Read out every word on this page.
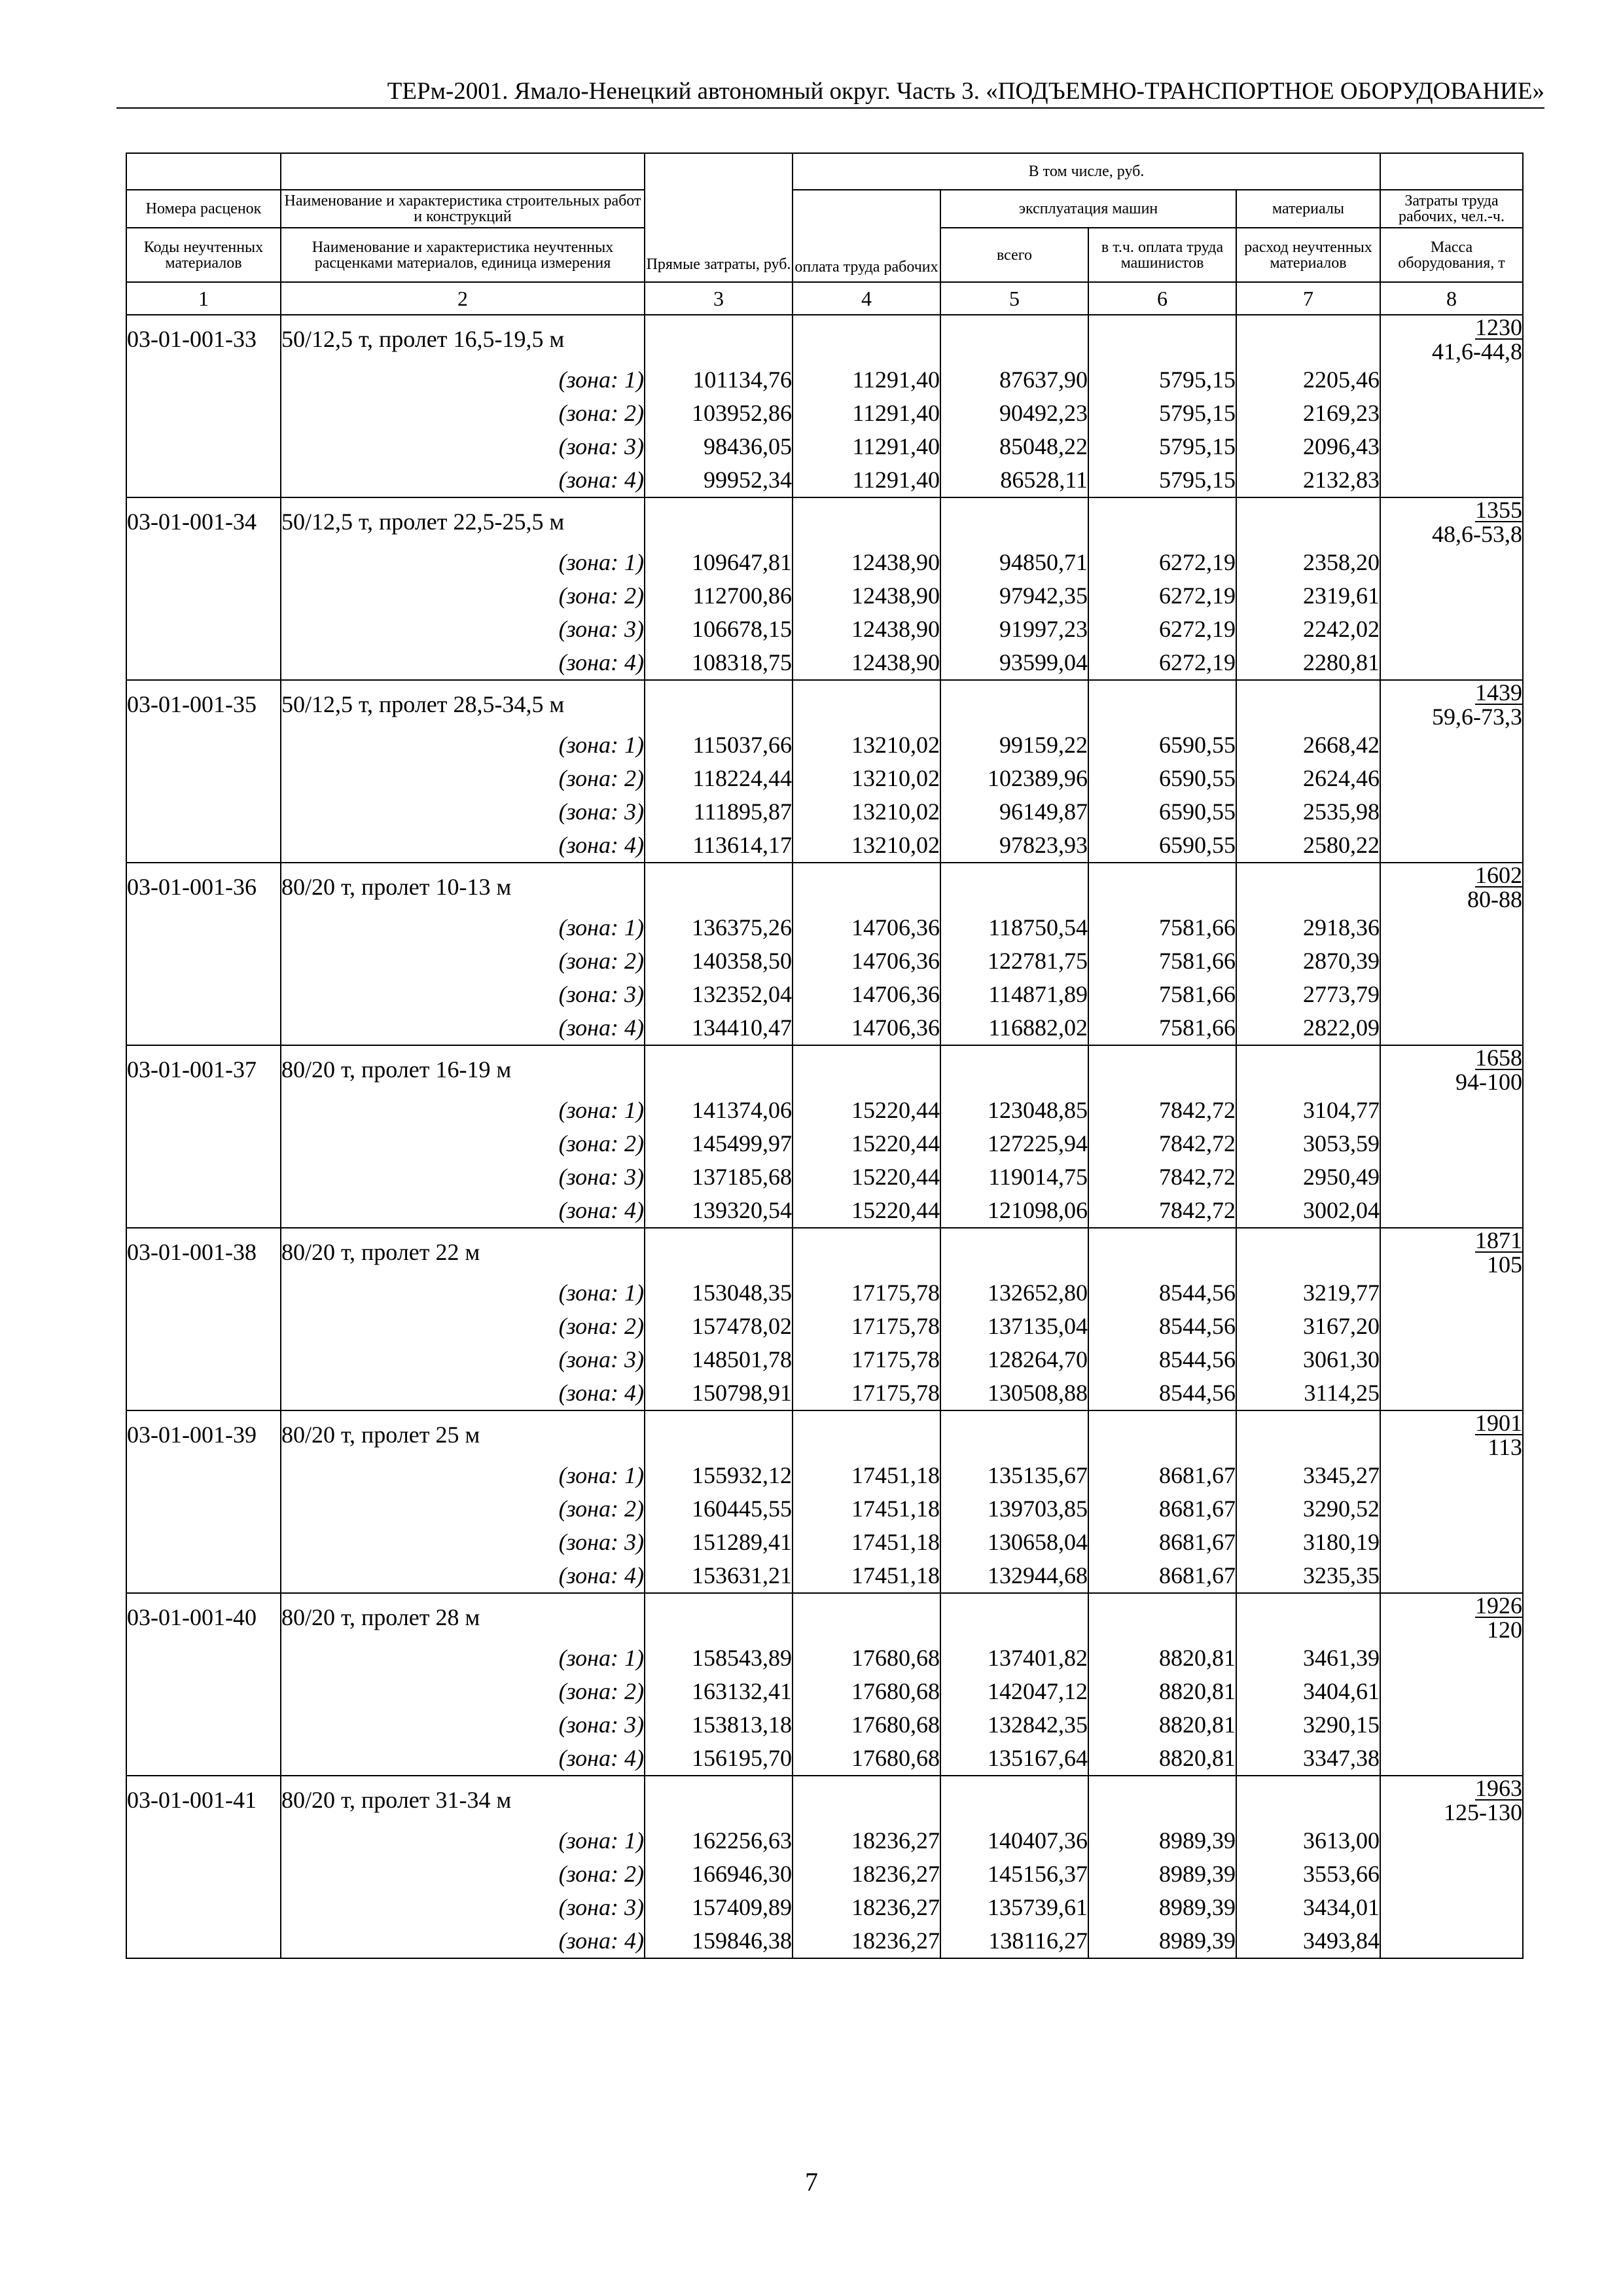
ТЕРм-2001. Ямало-Ненецкий автономный округ. Часть 3. «ПОДЪЕМНО-ТРАНСПОРТНОЕ ОБОРУДОВАНИЕ»
		Прямые затраты, руб.	В том числе, руб.				
Номера расценок	Наименование и характеристика строительных работ и конструкций		оплата труда рабочих	эксплуатация машин		материалы	Затраты труда рабочих, чел.-ч.
Коды неучтенных материалов	Наименование и характеристика неучтенных расценками материалов, единица измерения			всего	в т.ч. оплата труда машинистов	расход неучтенных материалов	Масса оборудования, т
1	2	3	4	5	6	7	8
03-01-001-33	50/12,5 т, пролет 16,5-19,5 м						1230
41,6-44,8

	(зона: 1)	101134,76	11291,40	87637,90	5795,15	2205,46	
	(зона: 2)	103952,86	11291,40	90492,23	5795,15	2169,23	
	(зона: 3)	98436,05	11291,40	85048,22	5795,15	2096,43	
	(зона: 4)	99952,34	11291,40	86528,11	5795,15	2132,83	
03-01-001-34	50/12,5 т, пролет 22,5-25,5 м						1355
48,6-53,8

	(зона: 1)	109647,81	12438,90	94850,71	6272,19	2358,20	
	(зона: 2)	112700,86	12438,90	97942,35	6272,19	2319,61	
	(зона: 3)	106678,15	12438,90	91997,23	6272,19	2242,02	
	(зона: 4)	108318,75	12438,90	93599,04	6272,19	2280,81	
03-01-001-35	50/12,5 т, пролет 28,5-34,5 м						1439
59,6-73,3

	(зона: 1)	115037,66	13210,02	99159,22	6590,55	2668,42	
	(зона: 2)	118224,44	13210,02	102389,96	6590,55	2624,46	
	(зона: 3)	111895,87	13210,02	96149,87	6590,55	2535,98	
	(зона: 4)	113614,17	13210,02	97823,93	6590,55	2580,22	
03-01-001-36	80/20 т, пролет 10-13 м						1602
80-88

	(зона: 1)	136375,26	14706,36	118750,54	7581,66	2918,36	
	(зона: 2)	140358,50	14706,36	122781,75	7581,66	2870,39	
	(зона: 3)	132352,04	14706,36	114871,89	7581,66	2773,79	
	(зона: 4)	134410,47	14706,36	116882,02	7581,66	2822,09	
03-01-001-37	80/20 т, пролет 16-19 м						1658
94-100

	(зона: 1)	141374,06	15220,44	123048,85	7842,72	3104,77	
	(зона: 2)	145499,97	15220,44	127225,94	7842,72	3053,59	
	(зона: 3)	137185,68	15220,44	119014,75	7842,72	2950,49	
	(зона: 4)	139320,54	15220,44	121098,06	7842,72	3002,04	
03-01-001-38	80/20 т, пролет 22 м						1871
105

	(зона: 1)	153048,35	17175,78	132652,80	8544,56	3219,77	
	(зона: 2)	157478,02	17175,78	137135,04	8544,56	3167,20	
	(зона: 3)	148501,78	17175,78	128264,70	8544,56	3061,30	
	(зона: 4)	150798,91	17175,78	130508,88	8544,56	3114,25	
03-01-001-39	80/20 т, пролет 25 м						1901
113

	(зона: 1)	155932,12	17451,18	135135,67	8681,67	3345,27	
	(зона: 2)	160445,55	17451,18	139703,85	8681,67	3290,52	
	(зона: 3)	151289,41	17451,18	130658,04	8681,67	3180,19	
	(зона: 4)	153631,21	17451,18	132944,68	8681,67	3235,35	
03-01-001-40	80/20 т, пролет 28 м						1926
120

	(зона: 1)	158543,89	17680,68	137401,82	8820,81	3461,39	
	(зона: 2)	163132,41	17680,68	142047,12	8820,81	3404,61	
	(зона: 3)	153813,18	17680,68	132842,35	8820,81	3290,15	
	(зона: 4)	156195,70	17680,68	135167,64	8820,81	3347,38	
03-01-001-41	80/20 т, пролет 31-34 м						1963
125-130

	(зона: 1)	162256,63	18236,27	140407,36	8989,39	3613,00	
	(зона: 2)	166946,30	18236,27	145156,37	8989,39	3553,66	
	(зона: 3)	157409,89	18236,27	135739,61	8989,39	3434,01	
	(зона: 4)	159846,38	18236,27	138116,27	8989,39	3493,84	
7
